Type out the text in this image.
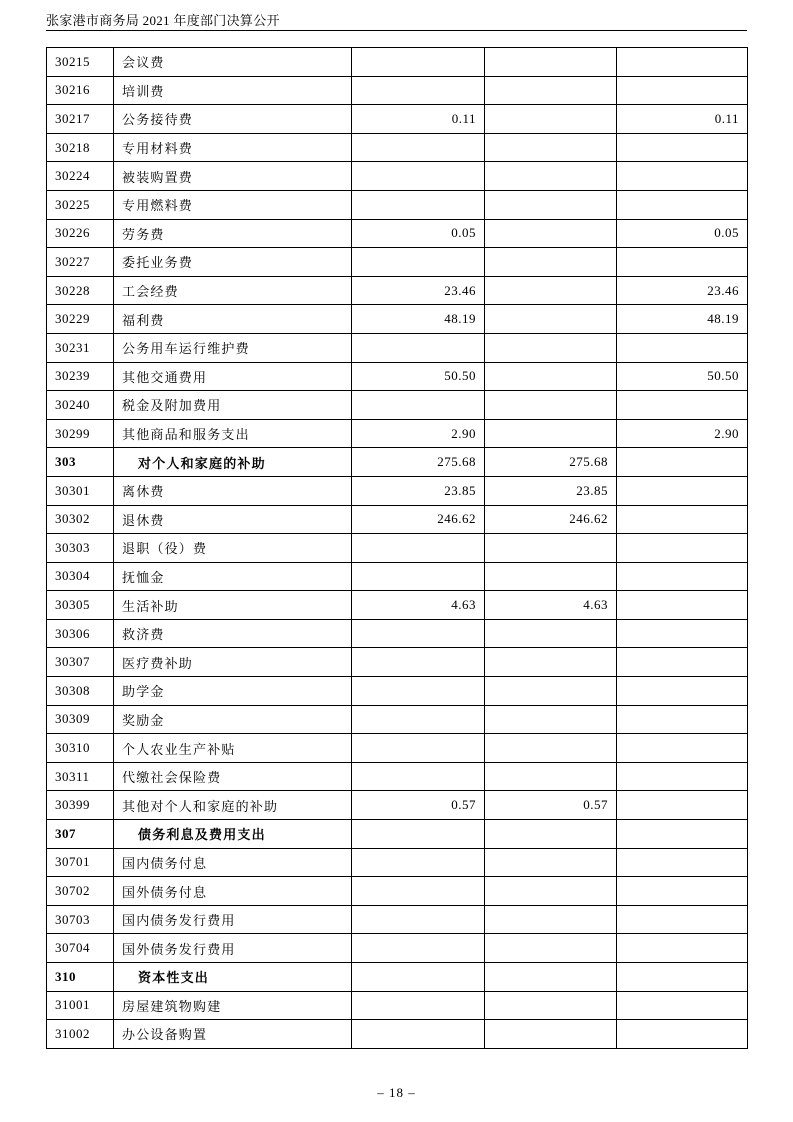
张家港市商务局 2021 年度部门决算公开
30215	会议费			
30216	培训费			
30217	公务接待费	0.11		0.11
30218	专用材料费			
30224	被装购置费			
30225	专用燃料费			
30226	劳务费	0.05		0.05
30227	委托业务费			
30228	工会经费	23.46		23.46
30229	福利费	48.19		48.19
30231	公务用车运行维护费			
30239	其他交通费用	50.50		50.50
30240	税金及附加费用			
30299	其他商品和服务支出	2.90		2.90
303	对个人和家庭的补助	275.68	275.68	
30301	离休费	23.85	23.85	
30302	退休费	246.62	246.62	
30303	退职（役）费			
30304	抚恤金			
30305	生活补助	4.63	4.63	
30306	救济费			
30307	医疗费补助			
30308	助学金			
30309	奖励金			
30310	个人农业生产补贴			
30311	代缴社会保险费			
30399	其他对个人和家庭的补助	0.57	0.57	
307	债务利息及费用支出			
30701	国内债务付息			
30702	国外债务付息			
30703	国内债务发行费用			
30704	国外债务发行费用			
310	资本性支出			
31001	房屋建筑物购建			
31002	办公设备购置			
– 18 –
